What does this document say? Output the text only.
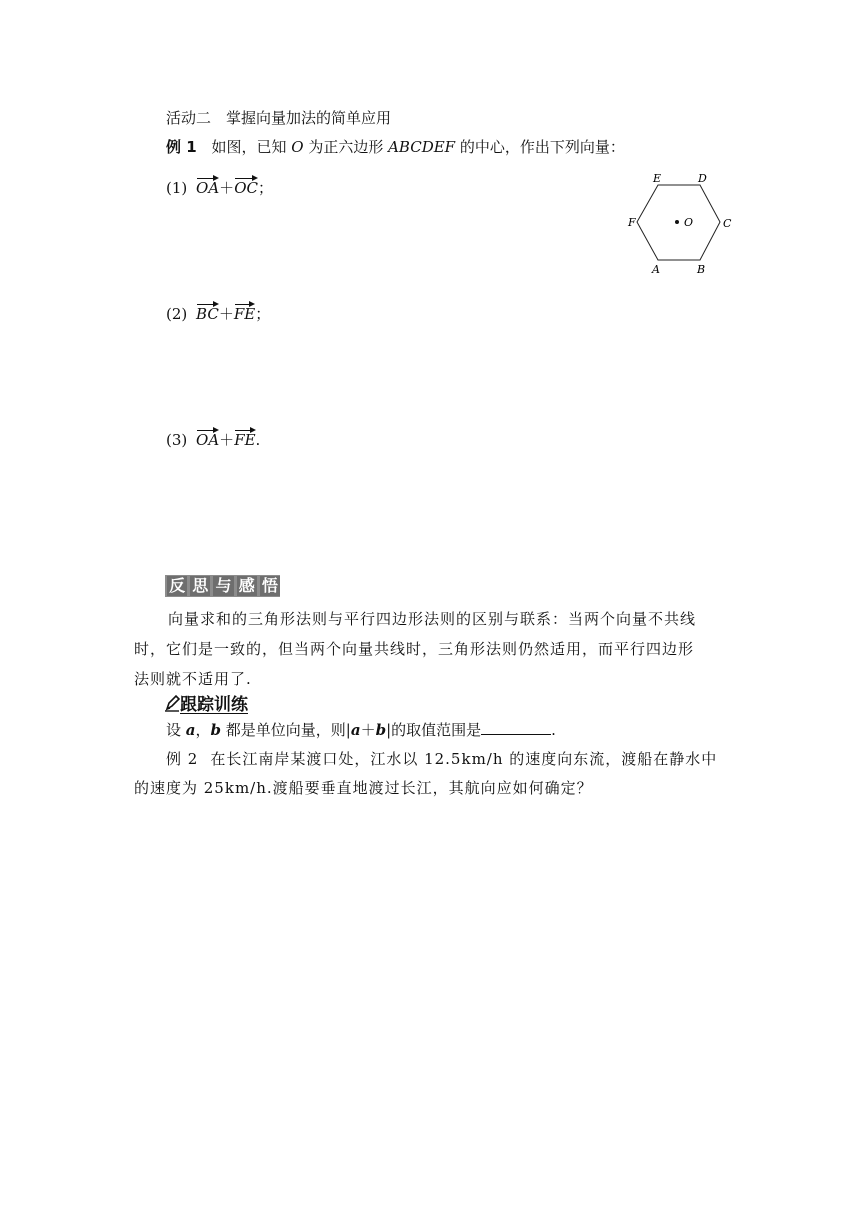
活动二　掌握向量加法的简单应用
例 1 如图，已知 O 为正六边形 ABCDEF 的中心，作出下列向量：
(1) OA＋OC；
(2) BC＋FE；
(3) OA＋FE.
O
A	B
C
D
E
F
反 思 与 感 悟
向量求和的三角形法则与平行四边形法则的区别与联系：当两个向量不共线
时，它们是一致的，但当两个向量共线时，三角形法则仍然适用，而平行四边形
法则就不适用了.
跟踪训练
设 a，b 都是单位向量，则|a＋b|的取值范围是	.
例 2 在长江南岸某渡口处，江水以 12.5km/h 的速度向东流，渡船在静水中
的速度为 25km/h.渡船要垂直地渡过长江，其航向应如何确定？
